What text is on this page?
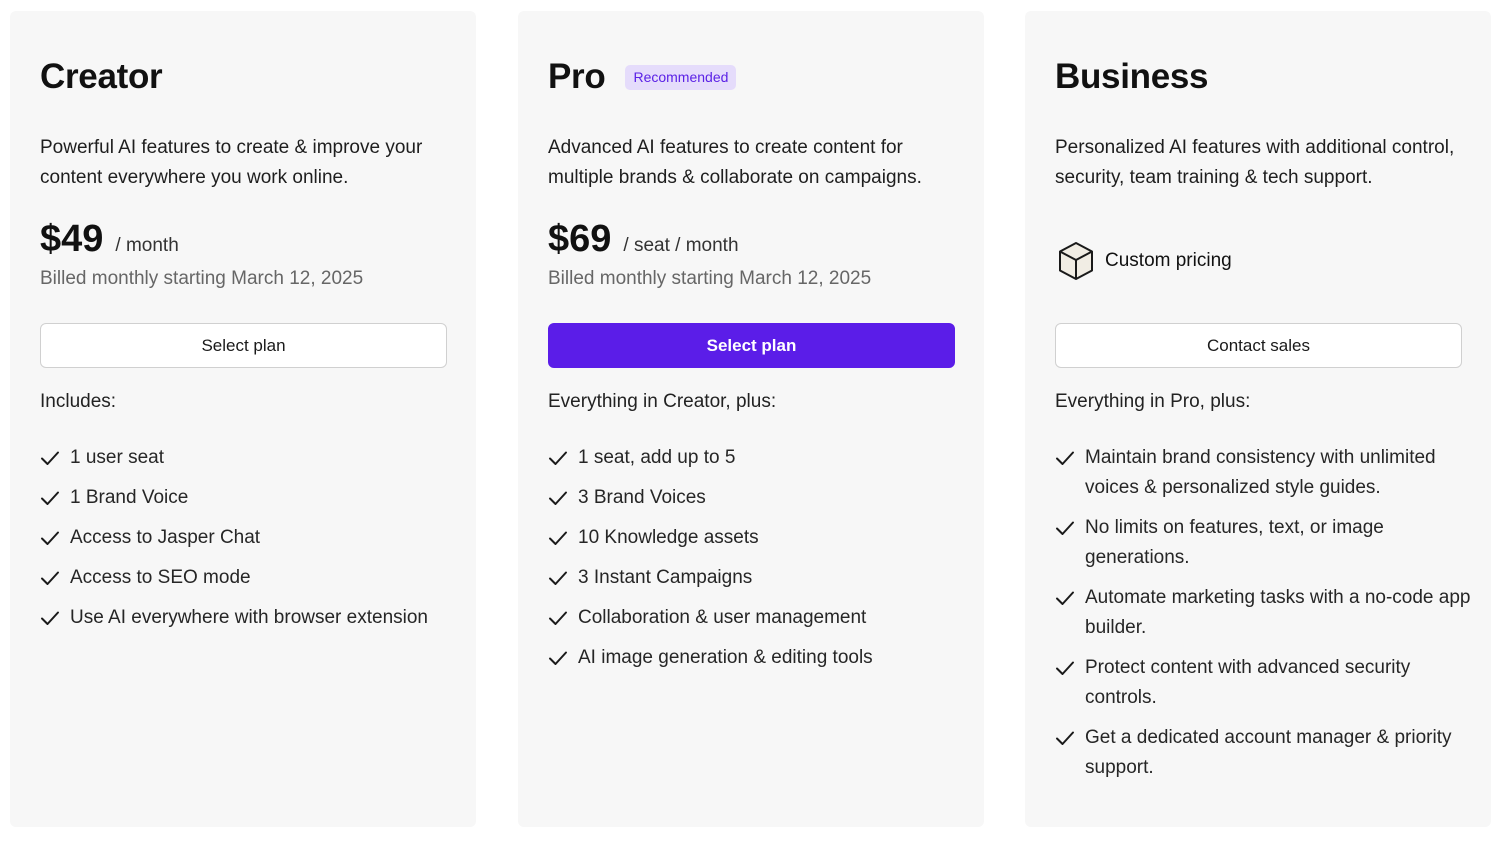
Creator

Powerful AI features to create & improve your content everywhere you work online.

$49 / month
Billed monthly starting March 12, 2025
Select plan
Includes:
1 user seat
1 Brand Voice
Access to Jasper Chat
Access to SEO mode
Use AI everywhere with browser extension
Pro	Recommended

Advanced AI features to create content for multiple brands & collaborate on campaigns.

$69 / seat / month
Billed monthly starting March 12, 2025
Select plan
Everything in Creator, plus:
1 seat, add up to 5
3 Brand Voices
10 Knowledge assets
3 Instant Campaigns
Collaboration & user management
AI image generation & editing tools
Business

Personalized AI features with additional control, security, team training & tech support.

Custom pricing
Contact sales
Everything in Pro, plus:
Maintain brand consistency with unlimited voices & personalized style guides.
No limits on features, text, or image generations.
Automate marketing tasks with a no-code app builder.
Protect content with advanced security controls.
Get a dedicated account manager & priority support.
